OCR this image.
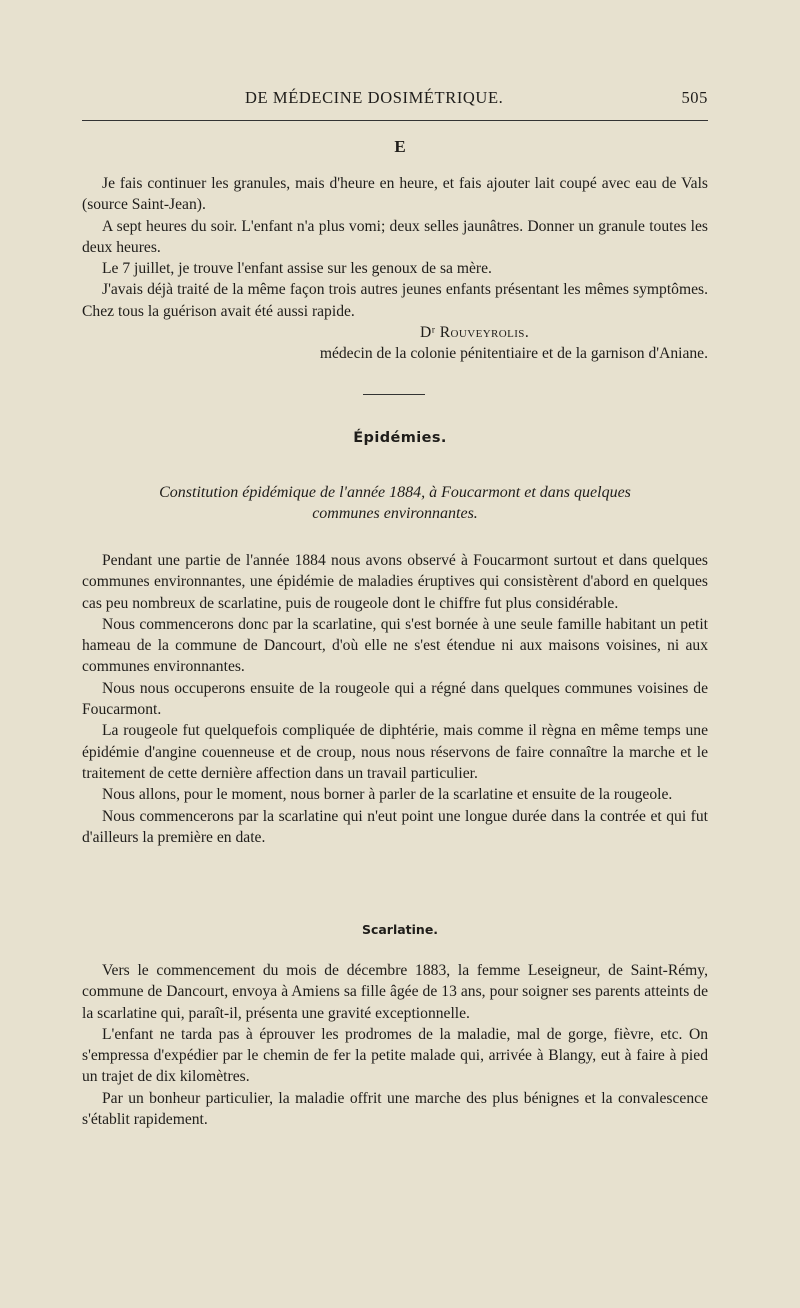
DE MÉDECINE DOSIMÉTRIQUE.	505
E

Je fais continuer les granules, mais d'heure en heure, et fais ajouter lait coupé avec eau de Vals (source Saint-Jean).

A sept heures du soir. L'enfant n'a plus vomi; deux selles jaunâtres. Donner un granule toutes les deux heures.

Le 7 juillet, je trouve l'enfant assise sur les genoux de sa mère.

J'avais déjà traité de la même façon trois autres jeunes enfants présentant les mêmes symptômes. Chez tous la guérison avait été aussi rapide.

Dʳ Rouveyrolis.

médecin de la colonie pénitentiaire et de la garnison d'Aniane.

Épidémies.
Constitution épidémique de l'année 1884, à Foucarmont et dans quelques
communes environnantes.

Pendant une partie de l'année 1884 nous avons observé à Foucarmont surtout et dans quelques communes environnantes, une épidémie de maladies éruptives qui consistèrent d'abord en quelques cas peu nombreux de scarlatine, puis de rougeole dont le chiffre fut plus considérable.

Nous commencerons donc par la scarlatine, qui s'est bornée à une seule famille habitant un petit hameau de la commune de Dancourt, d'où elle ne s'est étendue ni aux maisons voisines, ni aux communes environnantes.

Nous nous occuperons ensuite de la rougeole qui a régné dans quelques communes voisines de Foucarmont.

La rougeole fut quelquefois compliquée de diphtérie, mais comme il règna en même temps une épidémie d'angine couenneuse et de croup, nous nous réservons de faire connaître la marche et le traitement de cette dernière affection dans un travail particulier.

Nous allons, pour le moment, nous borner à parler de la scarlatine et ensuite de la rougeole.

Nous commencerons par la scarlatine qui n'eut point une longue durée dans la contrée et qui fut d'ailleurs la première en date.

Scarlatine.

Vers le commencement du mois de décembre 1883, la femme Leseigneur, de Saint-Rémy, commune de Dancourt, envoya à Amiens sa fille âgée de 13 ans, pour soigner ses parents atteints de la scarlatine qui, paraît-il, présenta une gravité exceptionnelle.

L'enfant ne tarda pas à éprouver les prodromes de la maladie, mal de gorge, fièvre, etc. On s'empressa d'expédier par le chemin de fer la petite malade qui, arrivée à Blangy, eut à faire à pied un trajet de dix kilomètres.

Par un bonheur particulier, la maladie offrit une marche des plus bénignes et la convalescence s'établit rapidement.
